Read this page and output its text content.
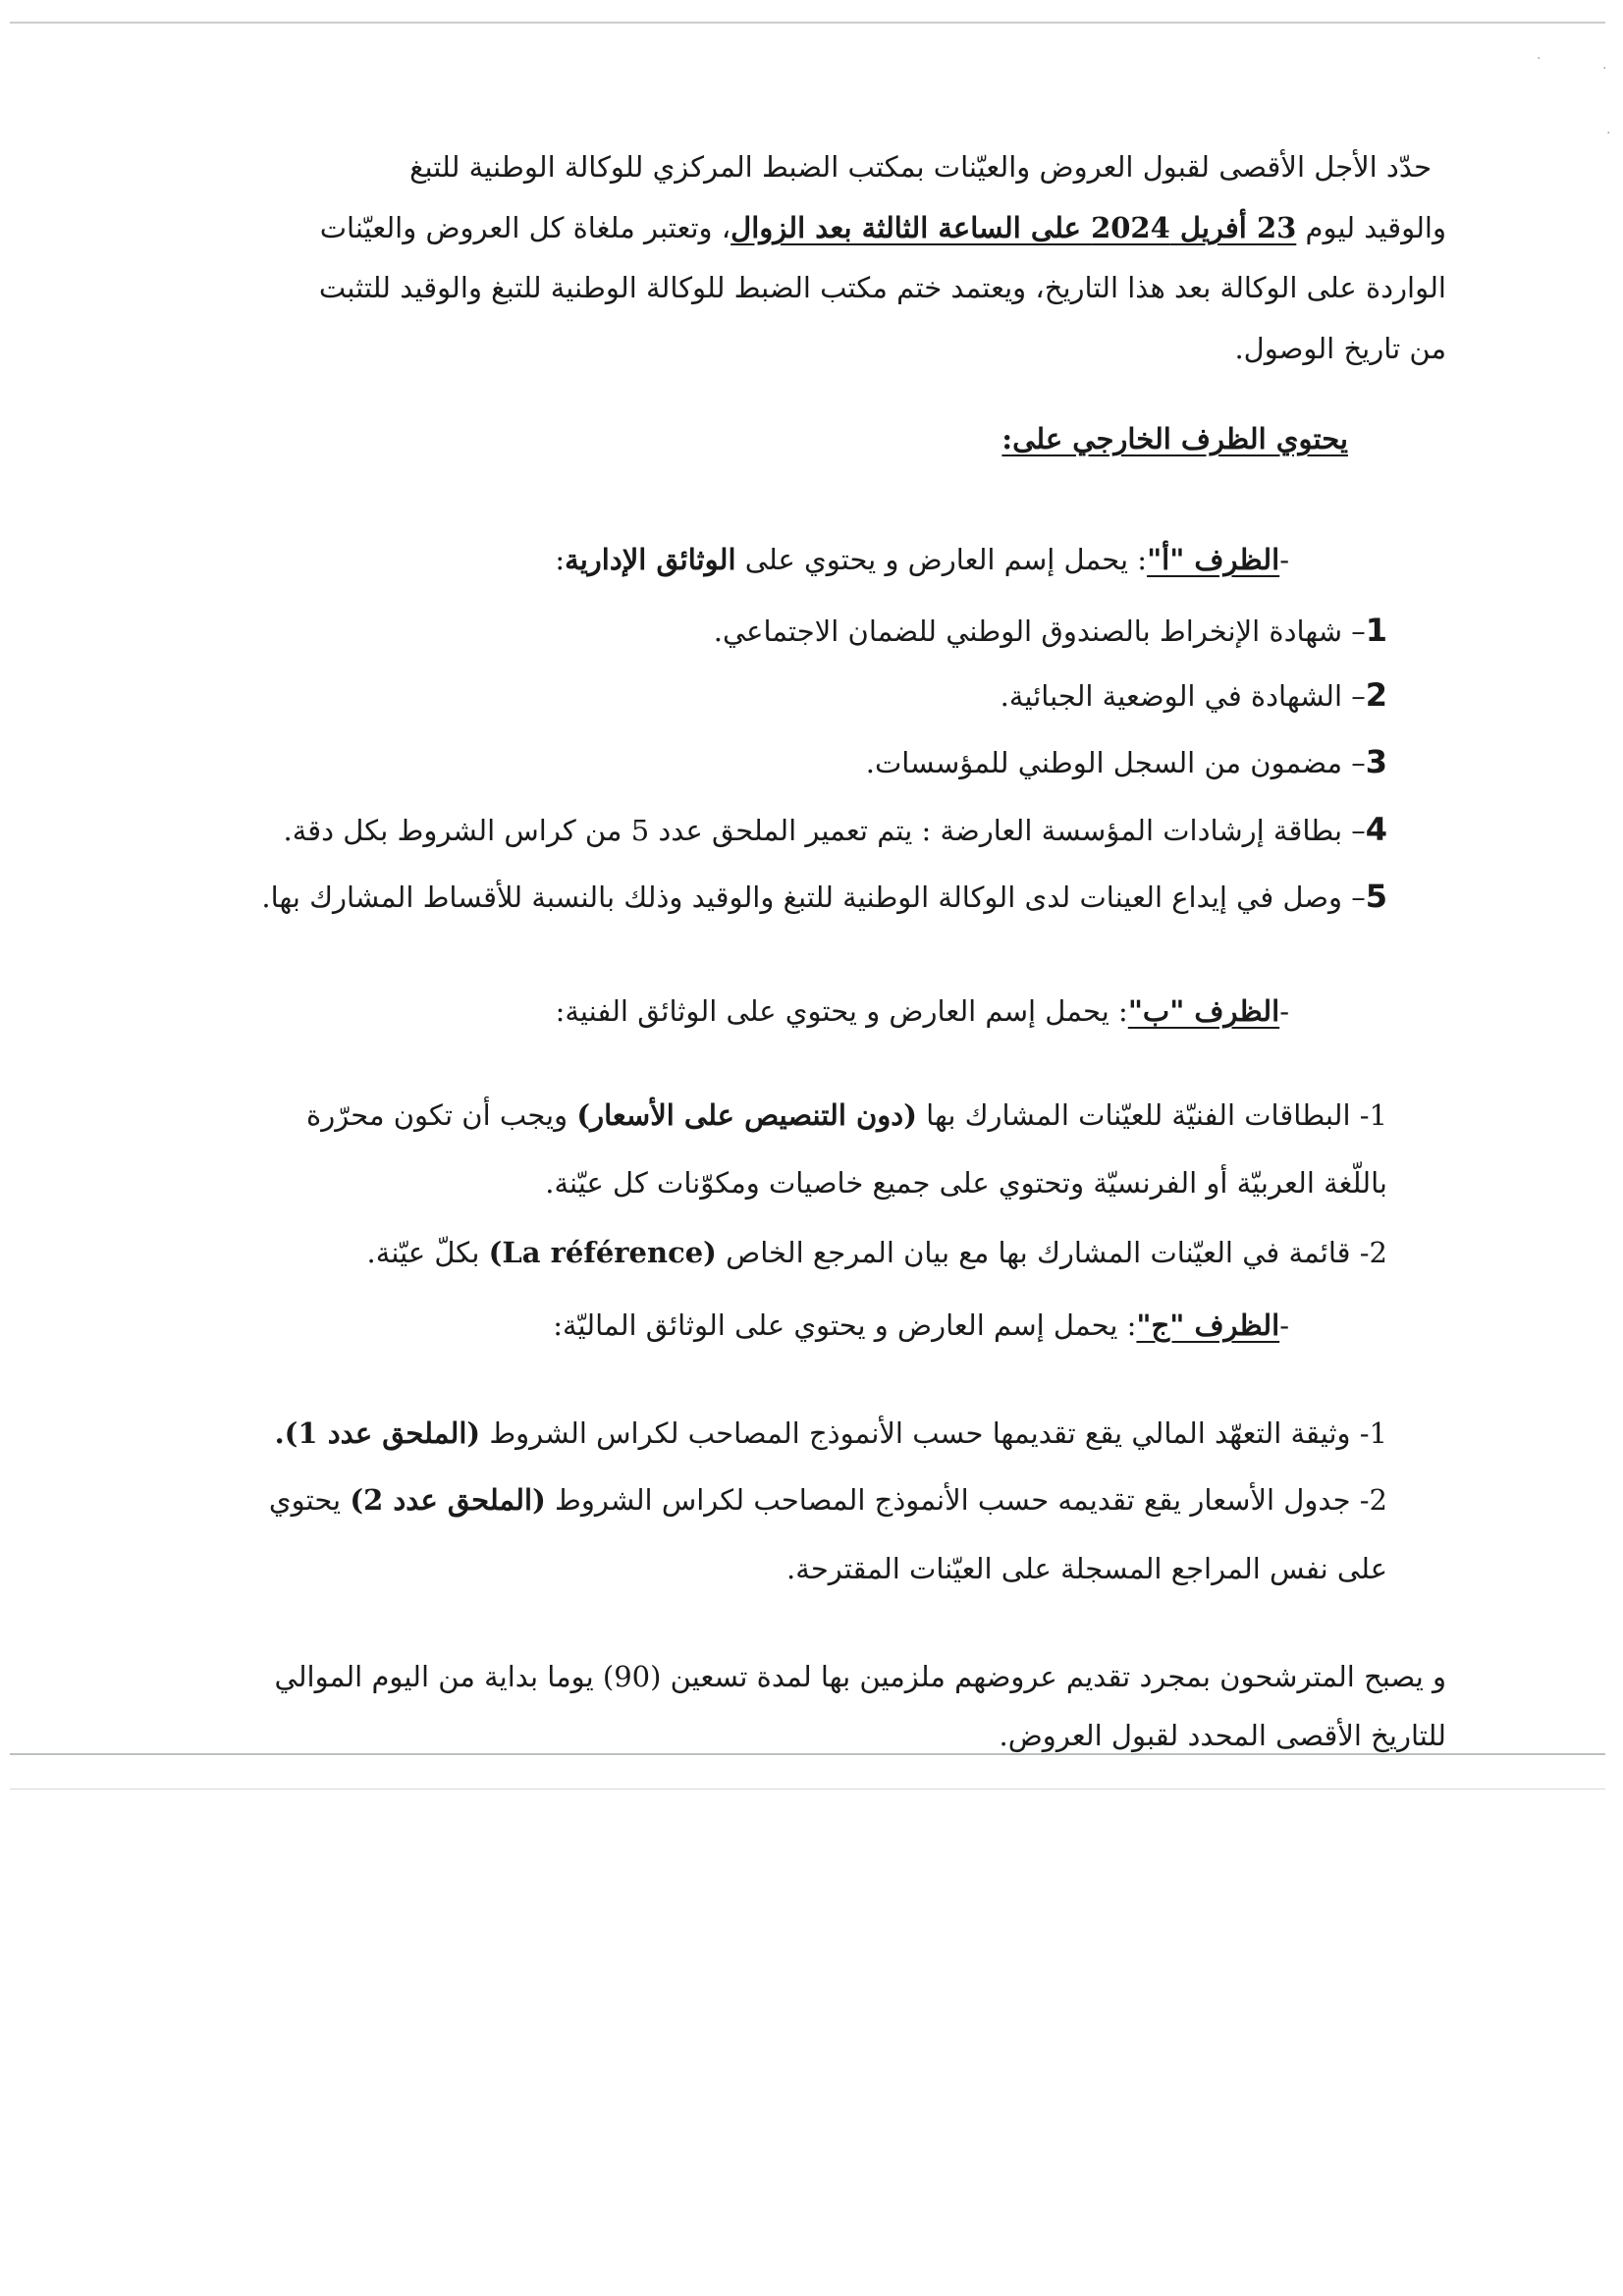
·
·
·
حدّد الأجل الأقصى لقبول العروض والعيّنات بمكتب الضبط المركزي للوكالة الوطنية للتبغ
والوقيد ليوم 23 أفريل 2024 على الساعة الثالثة بعد الزوال، وتعتبر ملغاة كل العروض والعيّنات
الواردة على الوكالة بعد هذا التاريخ، ويعتمد ختم مكتب الضبط للوكالة الوطنية للتبغ والوقيد للتثبت
من تاريخ الوصول.
يحتوي الظرف الخارجي على:
-الظرف "أ": يحمل إسم العارض و يحتوي على الوثائق الإدارية:
1– شهادة الإنخراط بالصندوق الوطني للضمان الاجتماعي.
2– الشهادة في الوضعية الجبائية.
3– مضمون من السجل الوطني للمؤسسات.
4– بطاقة إرشادات المؤسسة العارضة : يتم تعمير الملحق عدد 5 من كراس الشروط بكل دقة.
5– وصل في إيداع العينات لدى الوكالة الوطنية للتبغ والوقيد وذلك بالنسبة للأقساط المشارك بها.
-الظرف "ب": يحمل إسم العارض و يحتوي على الوثائق الفنية:
1- البطاقات الفنيّة للعيّنات المشارك بها (دون التنصيص على الأسعار) ويجب أن تكون محرّرة
باللّغة العربيّة أو الفرنسيّة وتحتوي على جميع خاصيات ومكوّنات كل عيّنة.
2- قائمة في العيّنات المشارك بها مع بيان المرجع الخاص (La référence) بكلّ عيّنة.
-الظرف "ج": يحمل إسم العارض و يحتوي على الوثائق الماليّة:
1- وثيقة التعهّد المالي يقع تقديمها حسب الأنموذج المصاحب لكراس الشروط (الملحق عدد 1).
2- جدول الأسعار يقع تقديمه حسب الأنموذج المصاحب لكراس الشروط (الملحق عدد 2) يحتوي
على نفس المراجع المسجلة على العيّنات المقترحة.
و يصبح المترشحون بمجرد تقديم عروضهم ملزمين بها لمدة تسعين (90) يوما بداية من اليوم الموالي
للتاريخ الأقصى المحدد لقبول العروض.
